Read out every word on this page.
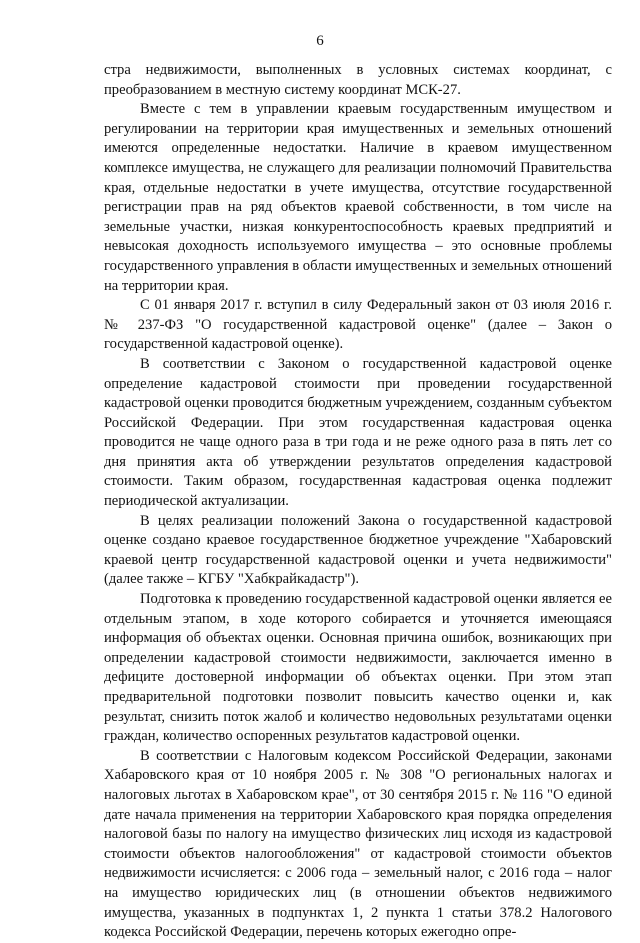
6

стра недвижимости, выполненных в условных системах координат, с преобразованием в местную систему координат МСК-27.

Вместе с тем в управлении краевым государственным имуществом и регулировании на территории края имущественных и земельных отношений имеются определенные недостатки. Наличие в краевом имущественном комплексе имущества, не служащего для реализации полномочий Правительства края, отдельные недостатки в учете имущества, отсутствие государственной регистрации прав на ряд объектов краевой собственности, в том числе на земельные участки, низкая конкурентоспособность краевых предприятий и невысокая доходность используемого имущества – это основные проблемы государственного управления в области имущественных и земельных отношений на территории края.

С 01 января 2017 г. вступил в силу Федеральный закон от 03 июля 2016 г. № 237-ФЗ "О государственной кадастровой оценке" (далее – Закон о государственной кадастровой оценке).

В соответствии с Законом о государственной кадастровой оценке определение кадастровой стоимости при проведении государственной кадастровой оценки проводится бюджетным учреждением, созданным субъектом Российской Федерации. При этом государственная кадастровая оценка проводится не чаще одного раза в три года и не реже одного раза в пять лет со дня принятия акта об утверждении результатов определения кадастровой стоимости. Таким образом, государственная кадастровая оценка подлежит периодической актуализации.

В целях реализации положений Закона о государственной кадастровой оценке создано краевое государственное бюджетное учреждение "Хабаровский краевой центр государственной кадастровой оценки и учета недвижимости" (далее также – КГБУ "Хабкрайкадастр").

Подготовка к проведению государственной кадастровой оценки является ее отдельным этапом, в ходе которого собирается и уточняется имеющаяся информация об объектах оценки. Основная причина ошибок, возникающих при определении кадастровой стоимости недвижимости, заключается именно в дефиците достоверной информации об объектах оценки. При этом этап предварительной подготовки позволит повысить качество оценки и, как результат, снизить поток жалоб и количество недовольных результатами оценки граждан, количество оспоренных результатов кадастровой оценки.

В соответствии с Налоговым кодексом Российской Федерации, законами Хабаровского края от 10 ноября 2005 г. № 308 "О региональных налогах и налоговых льготах в Хабаровском крае", от 30 сентября 2015 г. № 116 "О единой дате начала применения на территории Хабаровского края порядка определения налоговой базы по налогу на имущество физических лиц исходя из кадастровой стоимости объектов налогообложения" от кадастровой стоимости объектов недвижимости исчисляется: с 2006 года – земельный налог, с 2016 года – налог на имущество юридических лиц (в отношении объектов недвижимого имущества, указанных в подпунктах 1, 2 пункта 1 статьи 378.2 Налогового кодекса Российской Федерации, перечень которых ежегодно опре-
